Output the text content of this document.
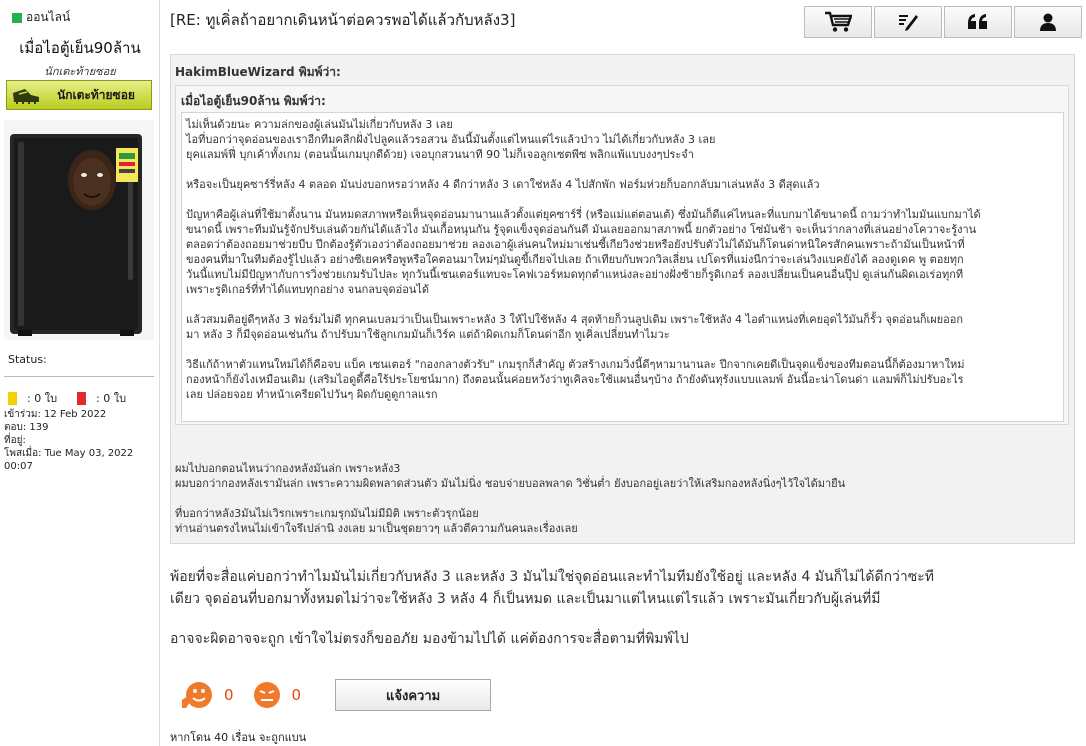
ออนไลน์
เมื่อไอตู้เย็น90ล้าน
นักเตะท้ายซอย
นักเตะท้ายซอย
Status:
: 0 ใบ	: 0 ใบ
เข้าร่วม: 12 Feb 2022
ตอบ: 139
ที่อยู่:
โพสเมื่อ: Tue May 03, 2022 00:07
[RE: ทูเคิ่ลถ้าอยากเดินหน้าต่อควรพอได้แล้วกับหลัง3]
HakimBlueWizard พิมพ์ว่า:
เมื่อไอตู้เย็น90ล้าน พิมพ์ว่า:

ไม่เห็นด้วยนะ ความล่กของผู้เล่นมันไม่เกี่ยวกับหลัง 3 เลย

ไอที่บอกว่าจุดอ่อนของเราอีกทีมคลีกฝั่งไปลูคแล้วรอสวน อันนี้มันตั้งแต่ไหนแต่ไรแล้วป่าว ไม่ได้เกี่ยวกับหลัง 3 เลย

ยุคแลมพ์ฟี่ บุกเค้าทั้งเกม (ตอนนั้นเกมบุกดีด้วย) เจอบุกสวนนาที 90 ไม่ก็เจอลูกเซตพีซ พลิกแพ้แบบงงๆประจำ

หรือจะเป็นยุคซาร์รี่หลัง 4 ตลอด มันบ่งบอกหรอว่าหลัง 4 ดีกว่าหลัง 3 เดาใช่หลัง 4 ไปสักพัก ฟอร์มห่วยก็บอกกลับมาเล่นหลัง 3 ดีสุดแล้ว

ปัญหาคือผู้เล่นที่ใช้มาตั้งนาน มันหมดสภาพหรือเห็นจุดอ่อนมานานแล้วตั้งแต่ยุคซาร์รี่ (หรือแม่แต่ตอนเต้) ซึ่งมันก็ดีแค่ไหนละที่แบกมาได้ขนาดนี้ ถามว่าทำไมมันแบกมาได้

ขนาดนี้ เพราะทีมมันรู้จักปรับเล่นด้วยกันได้แล้วไง มันเกื้อหนุนกัน รู้จุดแข็งจุดอ่อนกันดี มันเลยออกมาสภาพนี้ ยกตัวอย่าง โซ่มันช้า จะเห็นว่ากลางที่เล่นอย่างโควาจะรู้งาน

ตลอดว่าต้องถอยมาช่วยบีบ ปีกต้องรู้ตัวเองว่าต้องถอยมาช่วย ลองเอาผู้เล่นคนใหม่มาเช่นซี้เกียวิงช่วยหรือยังปรับตัวไม่ได้มันก็โดนด่าหนิใครสักคนเพราะถ้ามันเป็นหน้าที่

ของคนที่มาในทีมต้องรู้ไปแล้ว อย่างซีเยคหรือพูหรือใคตอนมาใหม่ๆมันดูขี้เกียจไปเลย ถ้าเทียบกับพวกวิลเลี่ยน เปโดรที่แม่งนีกว่าจะเล่นวิงแบคยังได้ ลองดูเดค พู ตอยทุก

วันนี้แทบไม่มีปัญหากับการวิ่งช่วยเกมรับไปละ ทุกวันนี้เชนเตอร์แทบจะโคฟเวอร์หมดทุกตำแหน่งละอย่างฝั่งซ้ายก็รูดิเกอร์ ลองเปลี่ยนเป็นคนอื่นปุ๊ป ดูเล่นกันผิดเอเร่อทุกที

เพราะรูดิเกอร์ที่ทำได้แทบทุกอย่าง จนกลบจุดอ่อนได้

แล้วสมมติอยู่ดีๆหลัง 3 ฟอร์มไม่ดี ทุกคนเบลมว่าเป็นเป็นเพราะหลัง 3 ให้ไปใช้หลัง 4 สุดท้ายก็วนลูปเดิม เพราะใช้หลัง 4 ไอตำแหน่งที่เคยอุดไว้มันก็รั้ว จุดอ่อนก็เผยออก

มา หลัง 3 ก็มีจุดอ่อนเช่นกัน ถ้าปรับมาใช้ลูกเกมมันก็เวิร์ค แต่ถ้าผิดเกมก็โดนด่าอีก ทูเคิ่ลเปลี่ยนทำไมวะ

วิธีแก้ถ้าหาตัวแทนใหม่ได้ก็คือจบ แบ็ค เซนเตอร์ "กองกลางตัวรับ" เกมรุกก็สำคัญ ตัวสร้างเกมวิ่งนี้ดีๆหามานานละ ปีกจากเคยดีเป็นจุดแข็งของทีมตอนนี้ก็ต้องมาหาใหม่

กองหน้าก็ยังไงเหมือนเดิม (เสริมไอดูดี้คือใร้ประโยชน์มาก) ถึงตอนนั้นค่อยหวังว่าทูเคิลจะใช้แผนอื่นๆบ้าง ถ้ายังดันทุรังแบบแลมพ์ อันนี้อะน่าโดนด่า แลมพ์ก็ไม่ปรับอะไร

เลย ปล่อยจอย ทำหน้าเครียดไปวันๆ ผิดกับดูดูกาลแรก

ผมไปบอกตอนไหนว่ากองหลังมันล่ก เพราะหลัง3

ผมบอกว่ากองหลังเรามันล่ก เพราะความผิดพลาดส่วนตัว มันไม่นิ่ง ชอบจ่ายบอลพลาด วิชั่นต่ำ ยังบอกอยู่เลยว่าให้เสริมกองหลังนิ่งๆไว้ใจได้มายืน

ที่บอกว่าหลัง3มันไม่เวิรกเพราะเกมรุกมันไม่มีมิติ เพราะตัวรุกน้อย

ท่านอ่านตรงไหนไม่เข้าใจรึเปล่านิ งงเลย มาเป็นชุดยาวๆ แล้วตีความกันคนละเรื่องเลย

พ้อยที่จะสื่อแค่บอกว่าทำไมมันไม่เกี่ยวกับหลัง 3 และหลัง 3 มันไม่ใช่จุดอ่อนและทำไมทีมยังใช้อยู่ และหลัง 4 มันก็ไม่ได้ดีกว่าซะที

เดียว จุดอ่อนที่บอกมาทั้งหมดไม่ว่าจะใช้หลัง 3 หลัง 4 ก็เป็นหมด และเป็นมาแต่ไหนแต่ไรแล้ว เพราะมันเกี่ยวกับผู้เล่นที่มี

อาจจะผิดอาจจะถูก เข้าใจไม่ตรงก็ขออภัย มองข้ามไปได้ แค่ต้องการจะสื่อตามที่พิมพ์ไป

0	0	แจ้งความ
หากโดน 40 เรื่อน จะถูกแบน
